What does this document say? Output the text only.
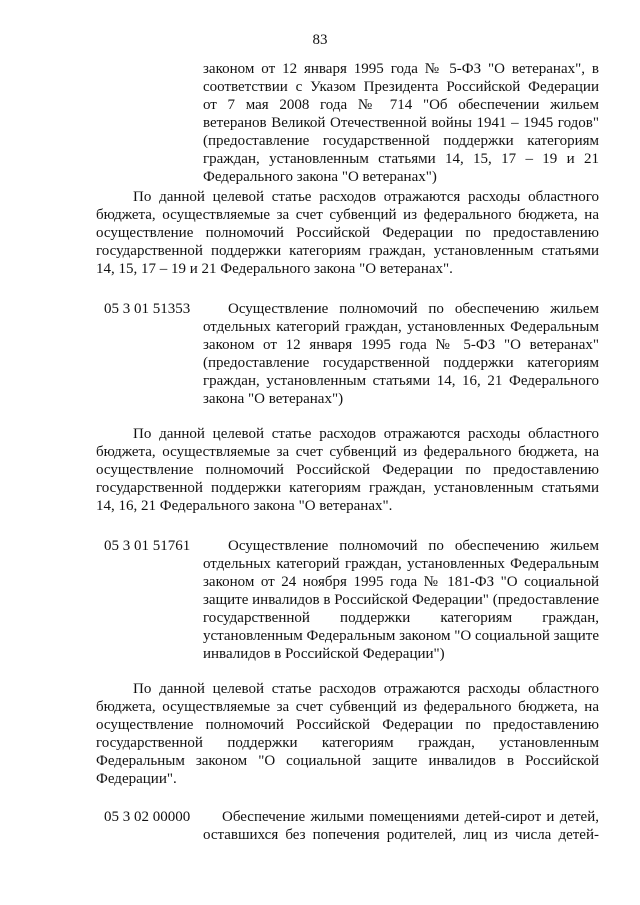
83
законом от 12 января 1995 года № 5-ФЗ "О ветеранах", в
соответствии с Указом Президента Российской Федерации
от 7 мая 2008 года № 714 "Об обеспечении жильем
ветеранов Великой Отечественной войны 1941 – 1945 годов"
(предоставление государственной поддержки категориям
граждан, установленным статьями 14, 15, 17 – 19 и 21
Федерального закона "О ветеранах")
По данной целевой статье расходов отражаются расходы областного
бюджета, осуществляемые за счет субвенций из федерального бюджета, на
осуществление полномочий Российской Федерации по предоставлению
государственной поддержки категориям граждан, установленным статьями
14, 15, 17 – 19 и 21 Федерального закона "О ветеранах".
05 3 01 51353	Осуществление полномочий по обеспечению жильем
отдельных категорий граждан, установленных Федеральным
законом от 12 января 1995 года № 5-ФЗ "О ветеранах"
(предоставление государственной поддержки категориям
граждан, установленным статьями 14, 16, 21 Федерального
закона "О ветеранах")
По данной целевой статье расходов отражаются расходы областного
бюджета, осуществляемые за счет субвенций из федерального бюджета, на
осуществление полномочий Российской Федерации по предоставлению
государственной поддержки категориям граждан, установленным статьями
14, 16, 21 Федерального закона "О ветеранах".
05 3 01 51761	Осуществление полномочий по обеспечению жильем
отдельных категорий граждан, установленных Федеральным
законом от 24 ноября 1995 года № 181-ФЗ "О социальной
защите инвалидов в Российской Федерации" (предоставление
государственной поддержки категориям граждан,
установленным Федеральным законом "О социальной защите
инвалидов в Российской Федерации")
По данной целевой статье расходов отражаются расходы областного
бюджета, осуществляемые за счет субвенций из федерального бюджета, на
осуществление полномочий Российской Федерации по предоставлению
государственной поддержки категориям граждан, установленным
Федеральным законом "О социальной защите инвалидов в Российской
Федерации".
05 3 02 00000 Обеспечение жилыми помещениями детей-сирот и детей,
оставшихся без попечения родителей, лиц из числа детей-
